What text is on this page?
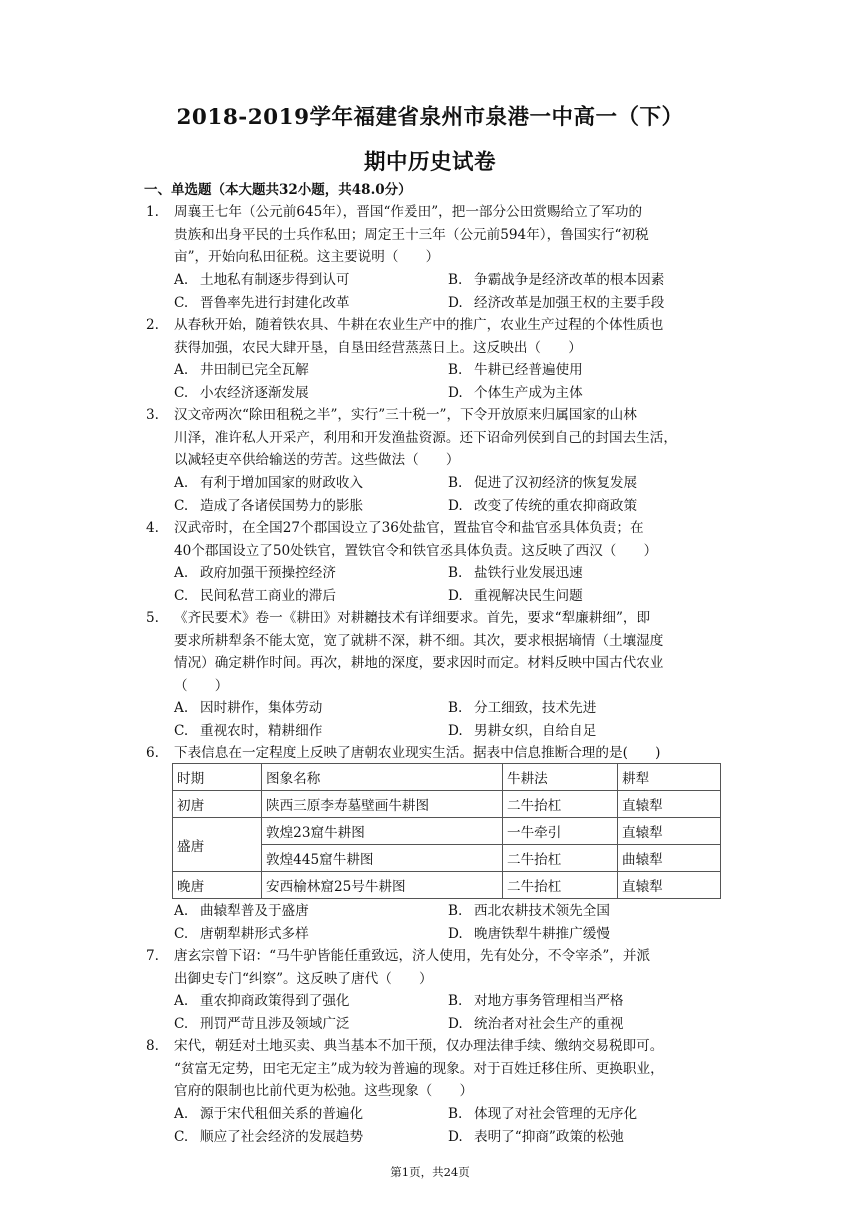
2018-2019学年福建省泉州市泉港一中高一（下）
期中历史试卷
一、单选题（本大题共32小题，共48.0分）
1. 周襄王七年（公元前645年），晋国“作爰田”，把一部分公田赏赐给立了军功的
贵族和出身平民的士兵作私田；周定王十三年（公元前594年），鲁国实行“初税
亩”，开始向私田征税。这主要说明（　　）
A. 土地私有制逐步得到认可	B. 争霸战争是经济改革的根本因素
C. 晋鲁率先进行封建化改革	D. 经济改革是加强王权的主要手段
2. 从春秋开始，随着铁农具、牛耕在农业生产中的推广，农业生产过程的个体性质也
获得加强，农民大肆开垦，自垦田经营蒸蒸日上。这反映出（　　）
A. 井田制已完全瓦解	B. 牛耕已经普遍使用
C. 小农经济逐渐发展	D. 个体生产成为主体
3. 汉文帝两次“除田租税之半”，实行”三十税一”，下令开放原来归属国家的山林
川泽，准许私人开采产，利用和开发渔盐资源。还下诏命列侯到自己的封国去生活，
以减轻吏卒供给输送的劳苦。这些做法（　　）
A. 有利于增加国家的财政收入	B. 促进了汉初经济的恢复发展
C. 造成了各诸侯国势力的影胀	D. 改变了传统的重农抑商政策
4. 汉武帝时，在全国27个郡国设立了36处盐官，置盐官令和盐官丞具体负责；在
40个郡国设立了50处铁官，置铁官令和铁官丞具体负责。这反映了西汉（　　）
A. 政府加强干预操控经济	B. 盐铁行业发展迅速
C. 民间私营工商业的滞后	D. 重视解决民生问题
5. 《齐民要术》卷一《耕田》对耕耱技术有详细要求。首先，要求“犁廉耕细”，即
要求所耕犁条不能太宽，宽了就耕不深，耕不细。其次，要求根据墒情（土壤湿度
情况）确定耕作时间。再次，耕地的深度，要求因时而定。材料反映中国古代农业
（　　）
A. 因时耕作，集体劳动	B. 分工细致，技术先进
C. 重视农时，精耕细作	D. 男耕女织，自给自足
6. 下表信息在一定程度上反映了唐朝农业现实生活。据表中信息推断合理的是(　　)
A. 曲辕犁普及于盛唐	B. 西北农耕技术领先全国
C. 唐朝犁耕形式多样	D. 晚唐铁犁牛耕推广缓慢
7. 唐玄宗曾下诏：“马牛驴皆能任重致远，济人使用，先有处分，不令宰杀”，并派
出御史专门“纠察”。这反映了唐代（　　）
A. 重农抑商政策得到了强化	B. 对地方事务管理相当严格
C. 刑罚严苛且涉及领域广泛	D. 统治者对社会生产的重视
8. 宋代，朝廷对土地买卖、典当基本不加干预，仅办理法律手续、缴纳交易税即可。
“贫富无定势，田宅无定主”成为较为普遍的现象。对于百姓迁移住所、更换职业，
官府的限制也比前代更为松弛。这些现象（　　）
A. 源于宋代租佃关系的普遍化	B. 体现了对社会管理的无序化
C. 顺应了社会经济的发展趋势	D. 表明了“抑商”政策的松弛
时期	图象名称	牛耕法	耕犁
初唐	陕西三原李寿墓壁画牛耕图	二牛抬杠	直辕犁
盛唐	敦煌23窟牛耕图	一牛牵引	直辕犁
	敦煌445窟牛耕图	二牛抬杠	曲辕犁
晚唐	安西榆林窟25号牛耕图	二牛抬杠	直辕犁
第1页，共24页
